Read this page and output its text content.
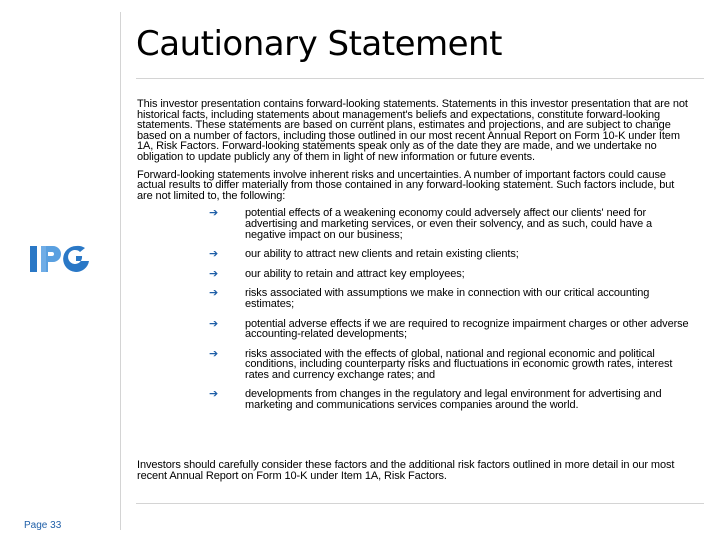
Cautionary Statement

This investor presentation contains forward-looking statements. Statements in this investor presentation that are not historical facts, including statements about management's beliefs and expectations, constitute forward-looking statements. These statements are based on current plans, estimates and projections, and are subject to change based on a number of factors, including those outlined in our most recent Annual Report on Form 10-K under Item 1A, Risk Factors. Forward-looking statements speak only as of the date they are made, and we undertake no obligation to update publicly any of them in light of new information or future events.

Forward-looking statements involve inherent risks and uncertainties. A number of important factors could cause actual results to differ materially from those contained in any forward-looking statement. Such factors include, but are not limited to, the following:

➔	potential effects of a weakening economy could adversely affect our clients' need for advertising and marketing services, or even their solvency, and as such, could have a negative impact on our business;
➔	our ability to attract new clients and retain existing clients;
➔	our ability to retain and attract key employees;
➔	risks associated with assumptions we make in connection with our critical accounting estimates;
➔	potential adverse effects if we are required to recognize impairment charges or other adverse accounting-related developments;
➔	risks associated with the effects of global, national and regional economic and political conditions, including counterparty risks and fluctuations in economic growth rates, interest rates and currency exchange rates; and
➔	developments from changes in the regulatory and legal environment for advertising and marketing and communications services companies around the world.

Investors should carefully consider these factors and the additional risk factors outlined in more detail in our most recent Annual Report on Form 10-K under Item 1A, Risk Factors.

Page 33
